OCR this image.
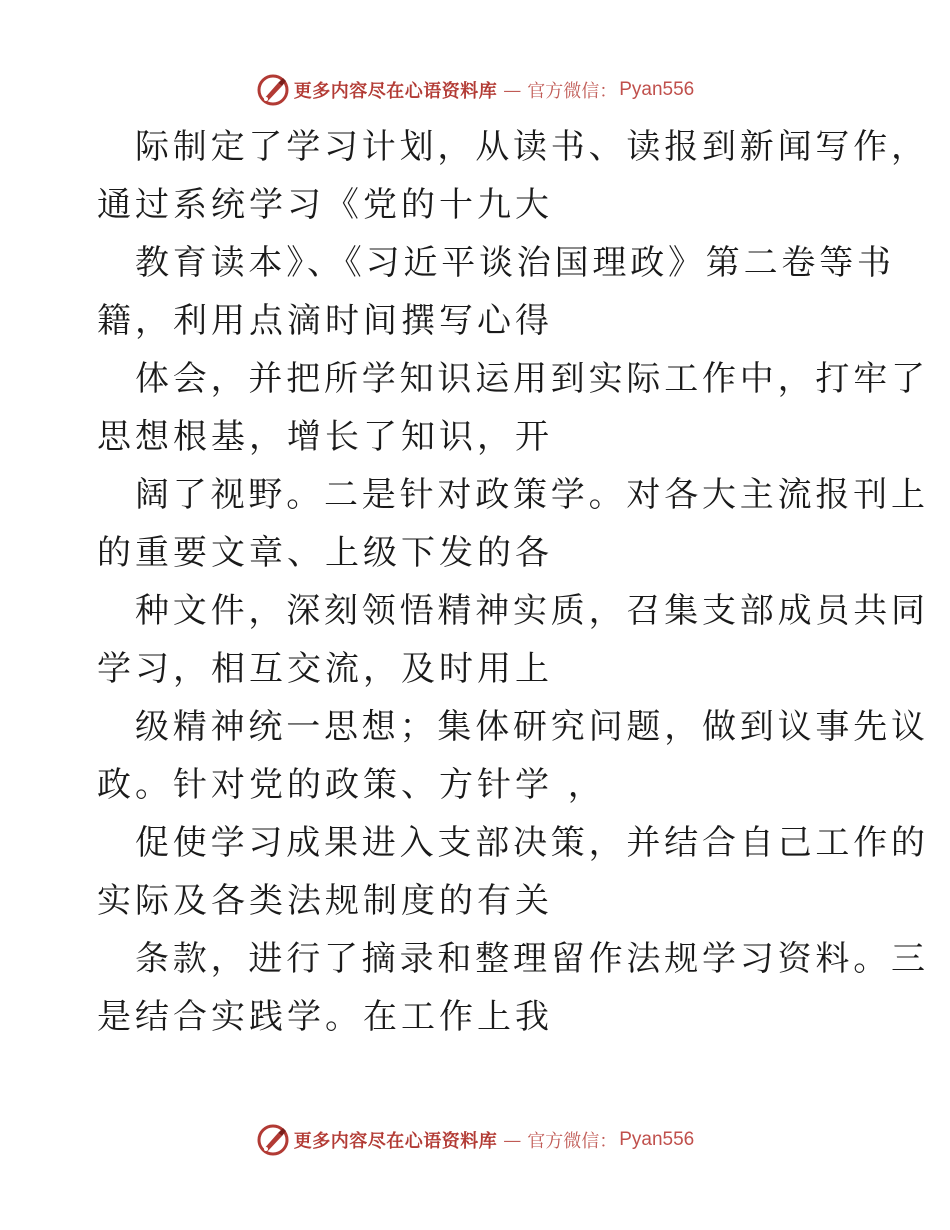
更多内容尽在心语资料库 — 官方微信： Pyan556
际制定了学习计划，从读书、读报到新闻写作，
通过系统学习《党的十九大
教育读本》、《习近平谈治国理政》第二卷等书
籍，利用点滴时间撰写心得
体会，并把所学知识运用到实际工作中，打牢了
思想根基，增长了知识，开
阔了视野。二是针对政策学。对各大主流报刊上
的重要文章、上级下发的各
种文件，深刻领悟精神实质，召集支部成员共同
学习，相互交流，及时用上
级精神统一思想；集体研究问题，做到议事先议
政。针对党的政策、方针学 ，
促使学习成果进入支部决策，并结合自己工作的
实际及各类法规制度的有关
条款，进行了摘录和整理留作法规学习资料。三
是结合实践学。在工作上我
更多内容尽在心语资料库 — 官方微信： Pyan556
